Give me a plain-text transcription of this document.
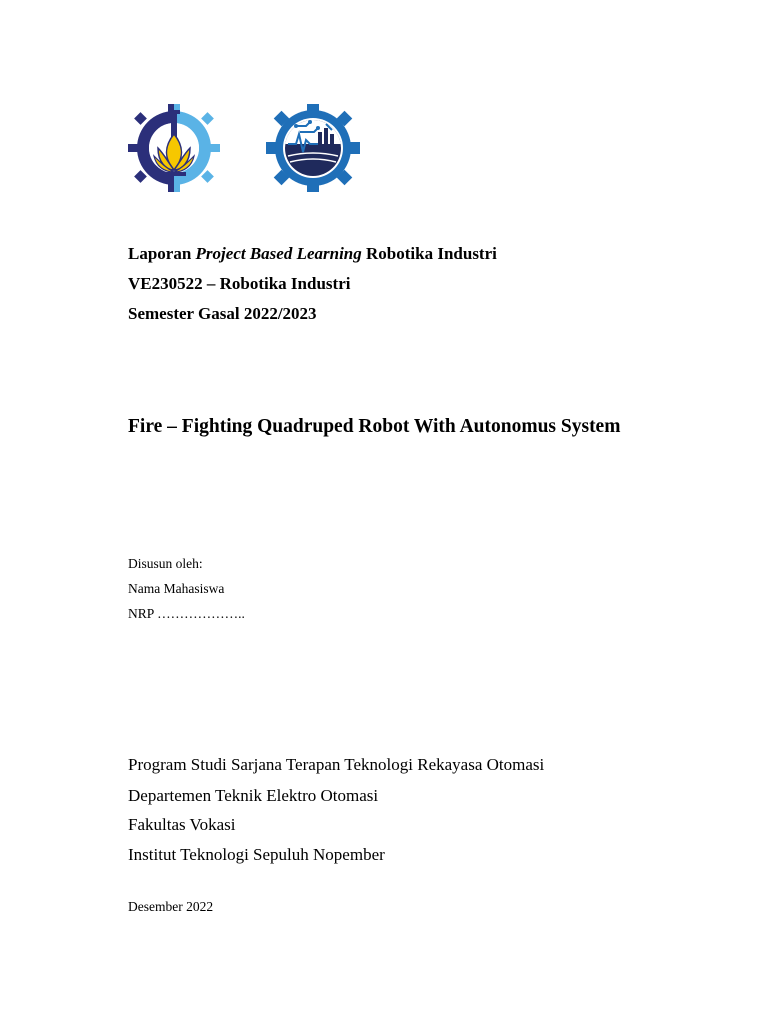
Laporan Project Based Learning Robotika Industri
VE230522 – Robotika Industri
Semester Gasal 2022/2023
Fire – Fighting Quadruped Robot With Autonomus System
Disusun oleh:
Nama Mahasiswa
NRP ………………..
Program Studi Sarjana Terapan Teknologi Rekayasa Otomasi
Departemen Teknik Elektro Otomasi
Fakultas Vokasi
Institut Teknologi Sepuluh Nopember
Desember 2022
